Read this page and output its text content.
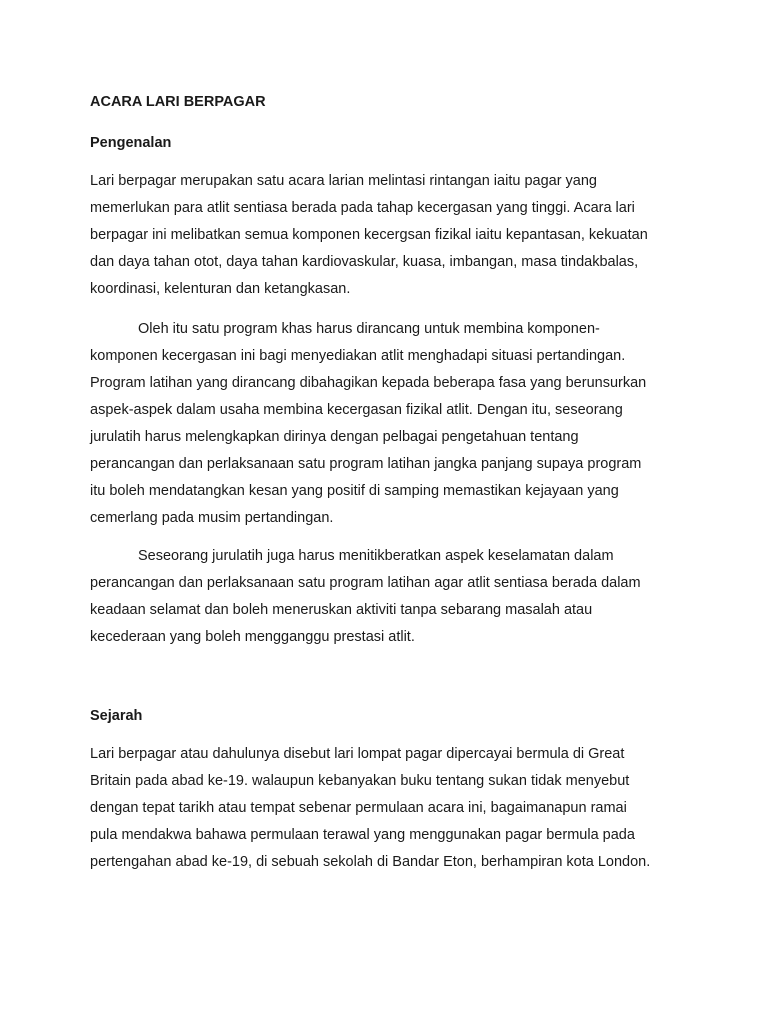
ACARA LARI BERPAGAR
Pengenalan
Lari berpagar merupakan satu acara larian melintasi rintangan iaitu pagar yang
memerlukan para atlit sentiasa berada pada tahap kecergasan yang tinggi. Acara lari
berpagar ini melibatkan semua komponen kecergsan fizikal iaitu kepantasan, kekuatan
dan daya tahan otot, daya tahan kardiovaskular, kuasa, imbangan, masa tindakbalas,
koordinasi, kelenturan dan ketangkasan.
Oleh itu satu program khas harus dirancang untuk membina komponen-
komponen kecergasan ini bagi menyediakan atlit menghadapi situasi pertandingan.
Program latihan yang dirancang dibahagikan kepada beberapa fasa yang berunsurkan
aspek-aspek dalam usaha membina kecergasan fizikal atlit. Dengan itu, seseorang
jurulatih harus melengkapkan dirinya dengan pelbagai pengetahuan tentang
perancangan dan perlaksanaan satu program latihan jangka panjang supaya program
itu boleh mendatangkan kesan yang positif di samping memastikan kejayaan yang
cemerlang pada musim pertandingan.
Seseorang jurulatih juga harus menitikberatkan aspek keselamatan dalam
perancangan dan perlaksanaan satu program latihan agar atlit sentiasa berada dalam
keadaan selamat dan boleh meneruskan aktiviti tanpa sebarang masalah atau
kecederaan yang boleh mengganggu prestasi atlit.
Sejarah
Lari berpagar atau dahulunya disebut lari lompat pagar dipercayai bermula di Great
Britain pada abad ke-19. walaupun kebanyakan buku tentang sukan tidak menyebut
dengan tepat tarikh atau tempat sebenar permulaan acara ini, bagaimanapun ramai
pula mendakwa bahawa permulaan terawal yang menggunakan pagar bermula pada
pertengahan abad ke-19, di sebuah sekolah di Bandar Eton, berhampiran kota London.
